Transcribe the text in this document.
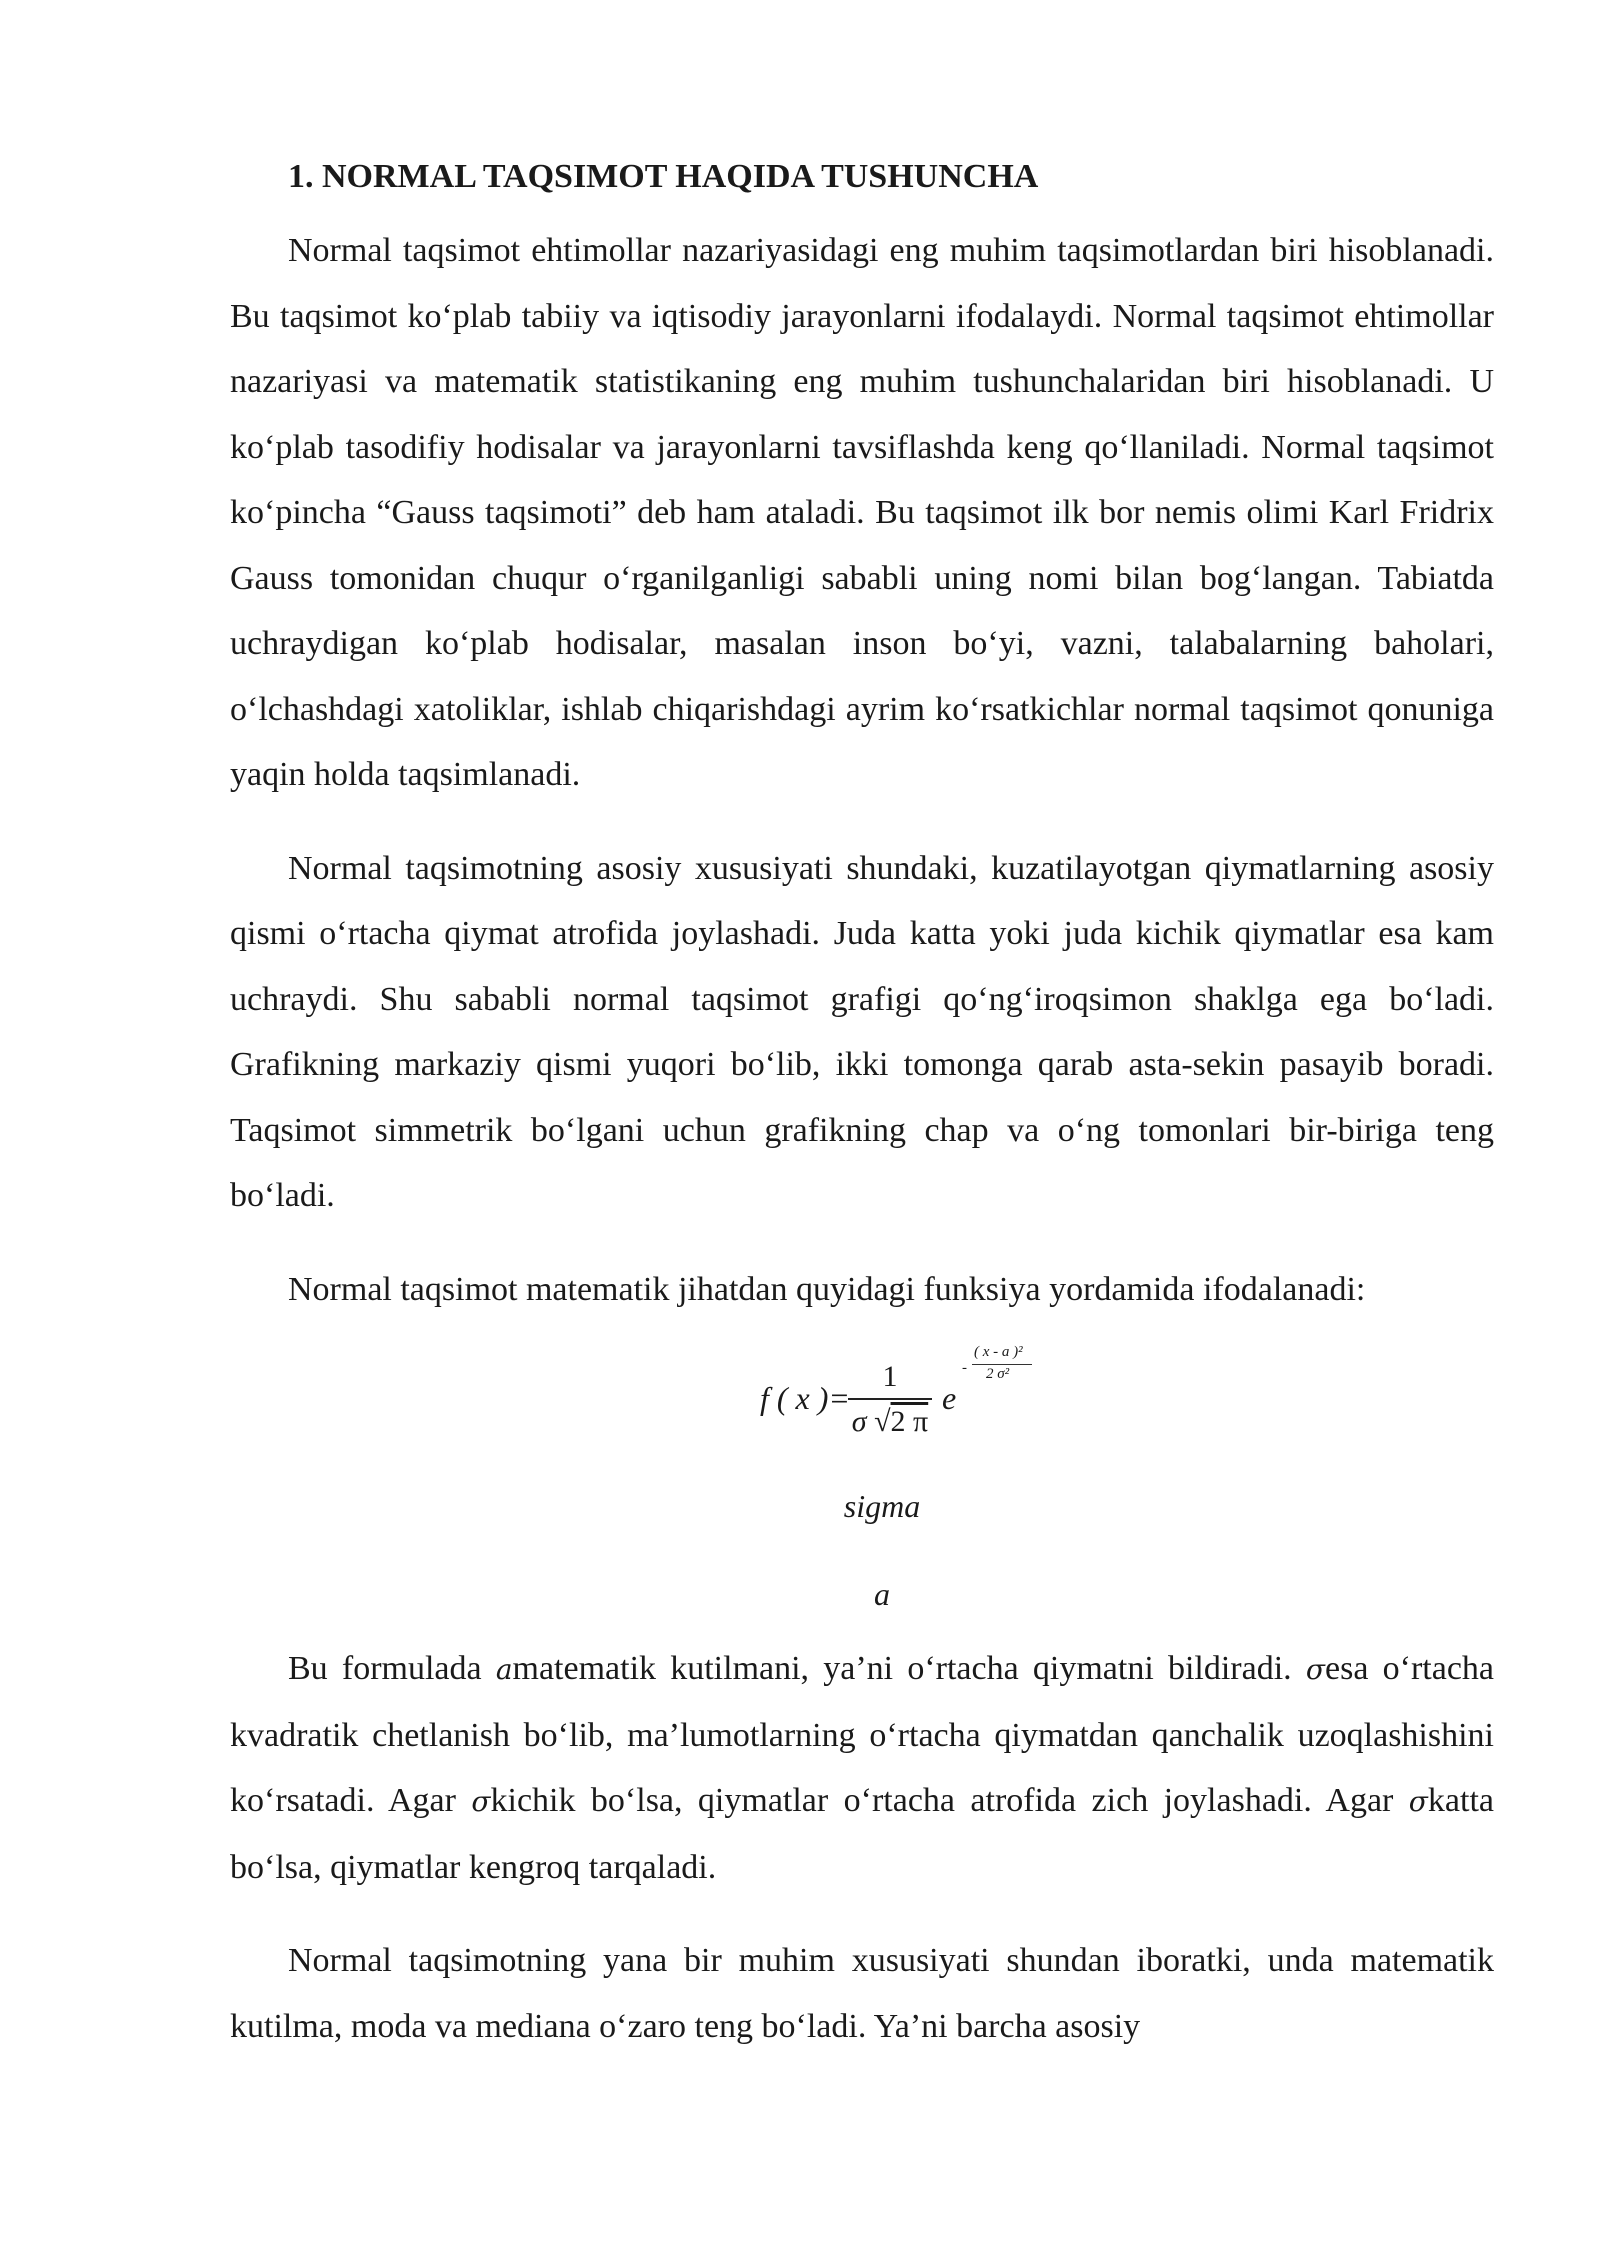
1. NORMAL TAQSIMOT HAQIDA TUSHUNCHA

Normal taqsimot ehtimollar nazariyasidagi eng muhim taqsimotlardan biri hisoblanadi. Bu taqsimot ko‘plab tabiiy va iqtisodiy jarayonlarni ifodalaydi. Normal taqsimot ehtimollar nazariyasi va matematik statistikaning eng muhim tushunchalaridan biri hisoblanadi. U ko‘plab tasodifiy hodisalar va jarayonlarni tavsiflashda keng qo‘llaniladi. Normal taqsimot ko‘pincha “Gauss taqsimoti” deb ham ataladi. Bu taqsimot ilk bor nemis olimi Karl Fridrix Gauss tomonidan chuqur o‘rganilganligi sababli uning nomi bilan bog‘langan. Tabiatda uchraydigan ko‘plab hodisalar, masalan inson bo‘yi, vazni, talabalarning baholari, o‘lchashdagi xatoliklar, ishlab chiqarishdagi ayrim ko‘rsatkichlar normal taqsimot qonuniga yaqin holda taqsimlanadi.

Normal taqsimotning asosiy xususiyati shundaki, kuzatilayotgan qiymatlarning asosiy qismi o‘rtacha qiymat atrofida joylashadi. Juda katta yoki juda kichik qiymatlar esa kam uchraydi. Shu sababli normal taqsimot grafigi qo‘ng‘iroqsimon shaklga ega bo‘ladi. Grafikning markaziy qismi yuqori bo‘lib, ikki tomonga qarab asta-sekin pasayib boradi. Taqsimot simmetrik bo‘lgani uchun grafikning chap va o‘ng tomonlari bir-biriga teng bo‘ladi.

Normal taqsimot matematik jihatdan quyidagi funksiya yordamida ifodalanadi:

f ( x )=
1
σ √2 π
e
-
( x - a )²
2 σ²

sigma

a

Bu formulada amatematik kutilmani, ya’ni o‘rtacha qiymatni bildiradi. σesa o‘rtacha kvadratik chetlanish bo‘lib, ma’lumotlarning o‘rtacha qiymatdan qanchalik uzoqlashishini ko‘rsatadi. Agar σkichik bo‘lsa, qiymatlar o‘rtacha atrofida zich joylashadi. Agar σkatta bo‘lsa, qiymatlar kengroq tarqaladi.

Normal taqsimotning yana bir muhim xususiyati shundan iboratki, unda matematik kutilma, moda va mediana o‘zaro teng bo‘ladi. Ya’ni barcha asosiy
